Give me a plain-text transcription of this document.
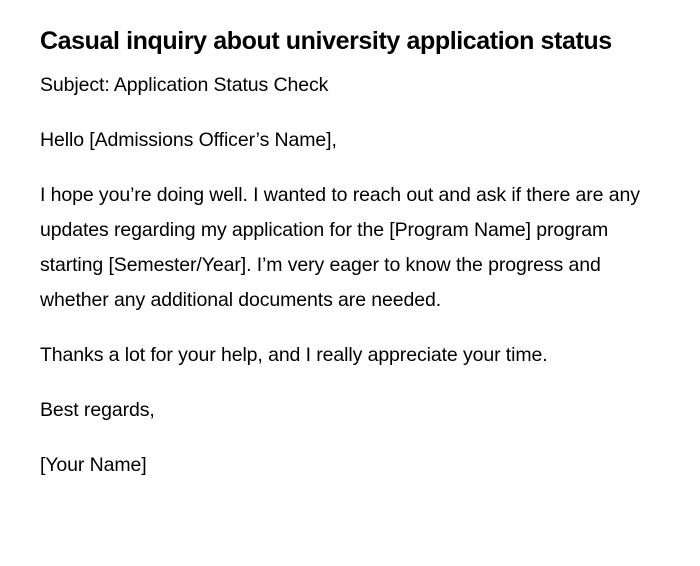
Casual inquiry about university application status

Subject: Application Status Check

Hello [Admissions Officer’s Name],

I hope you’re doing well. I wanted to reach out and ask if there are any updates regarding my application for the [Program Name] program starting [Semester/Year]. I’m very eager to know the progress and whether any additional documents are needed.

Thanks a lot for your help, and I really appreciate your time.

Best regards,

[Your Name]
